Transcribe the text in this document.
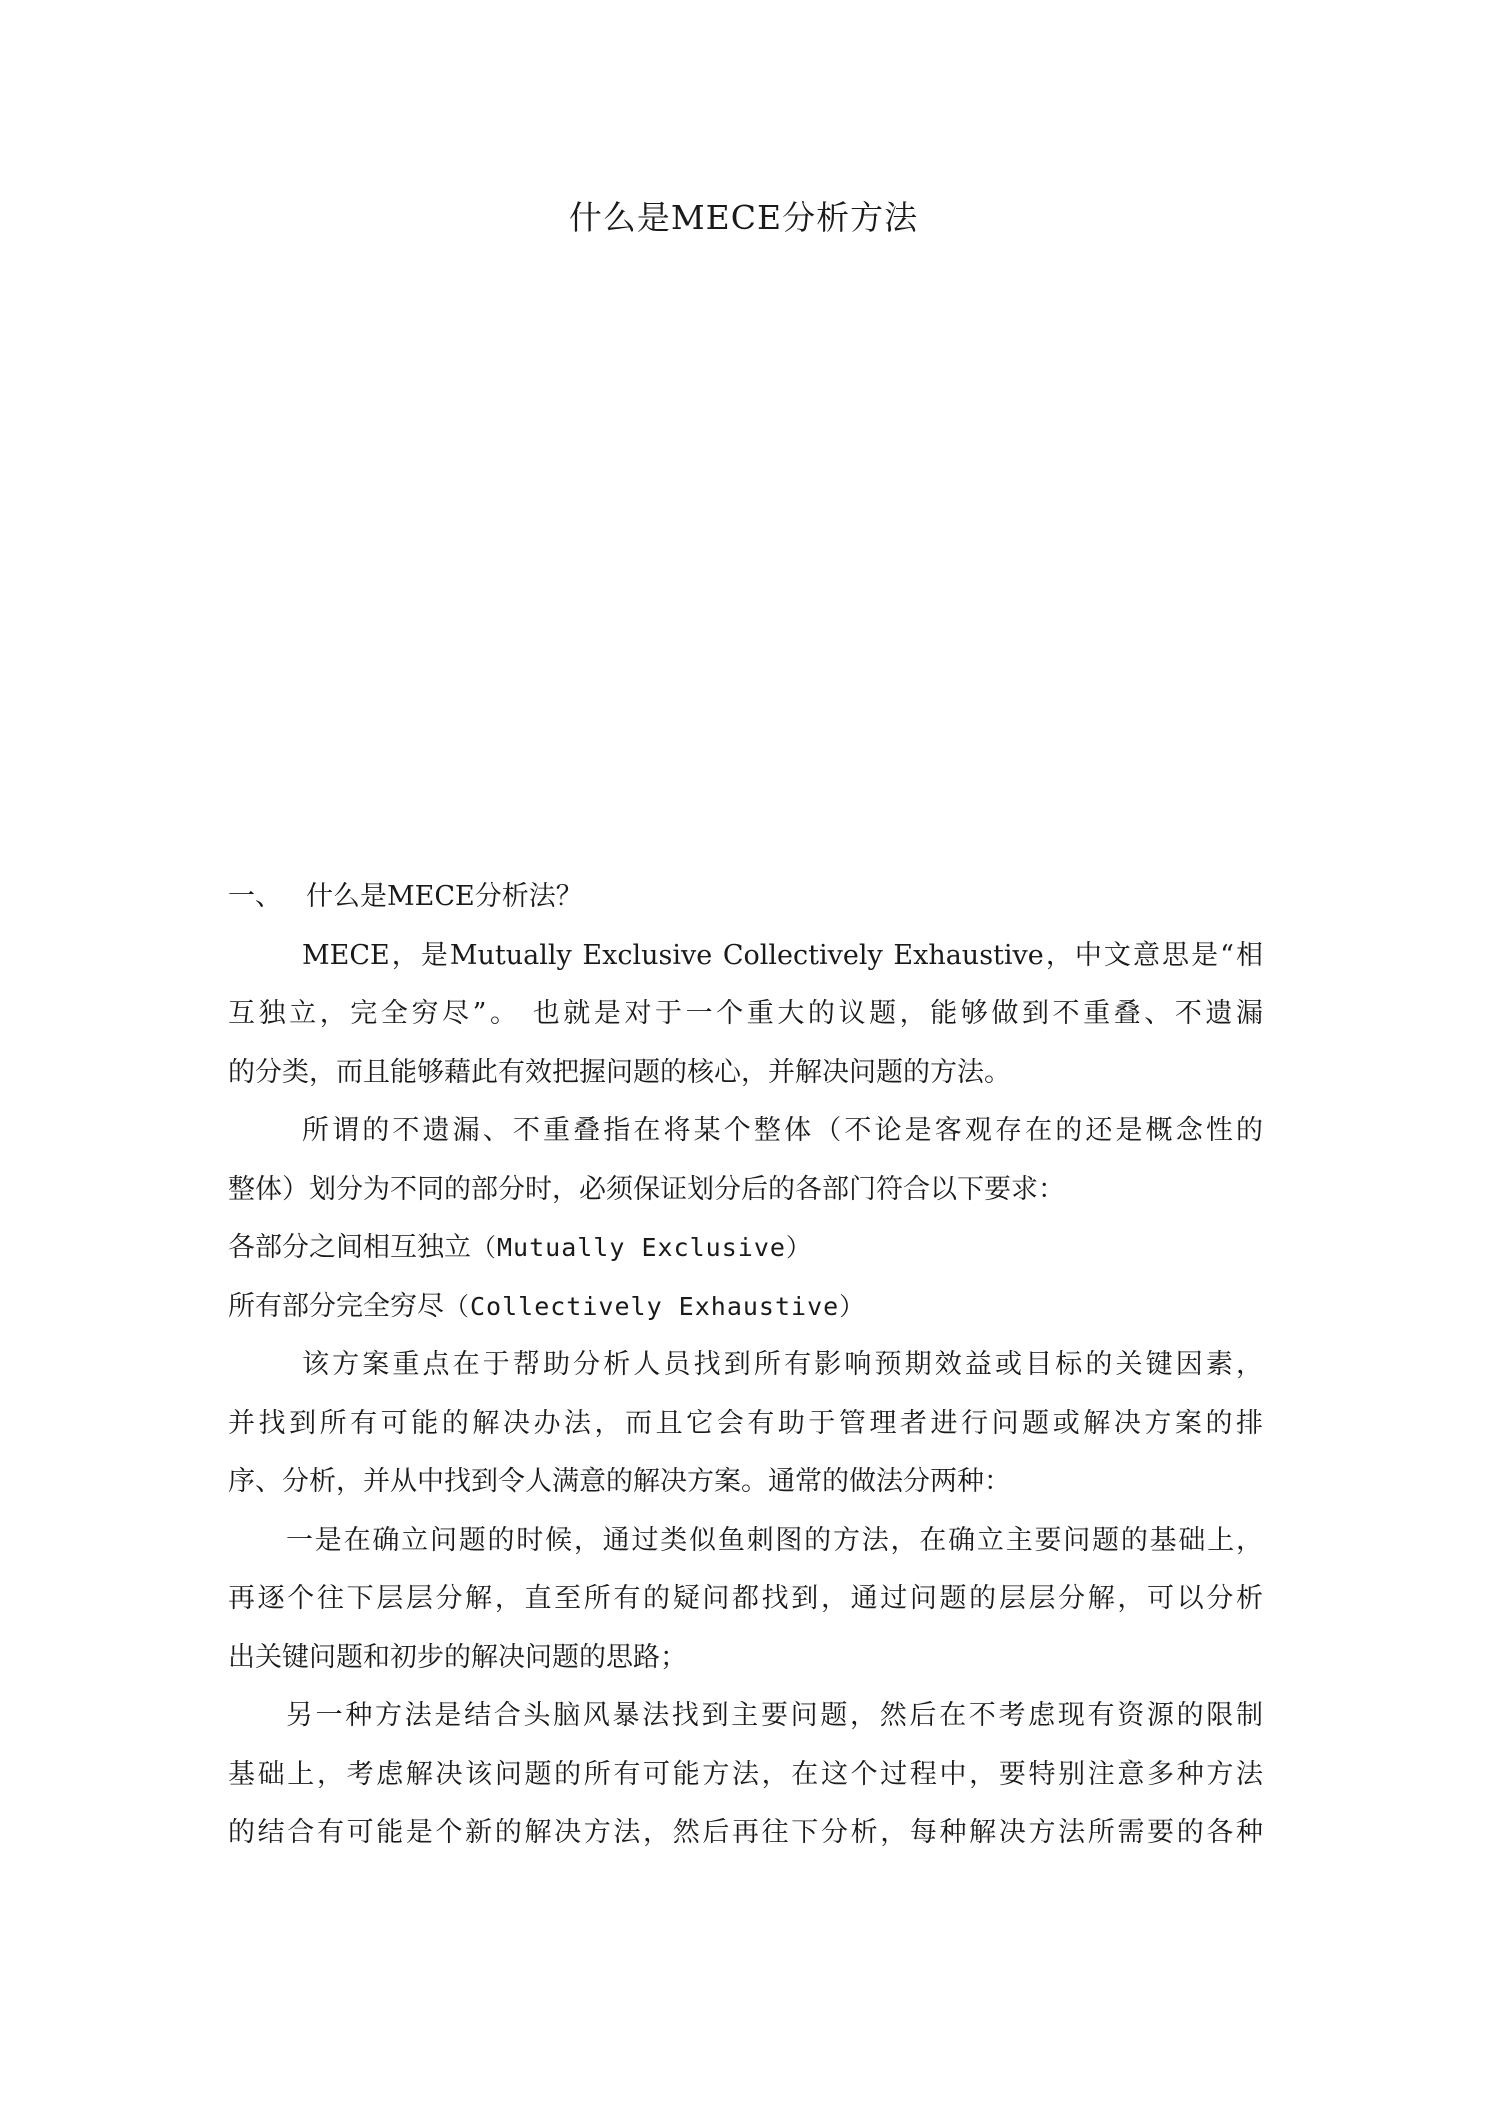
什么是MECE分析方法
一、 什么是MECE分析法？
MECE，是Mutually Exclusive Collectively Exhaustive，中文意思是“相
互独立，完全穷尽”。 也就是对于一个重大的议题，能够做到不重叠、不遗漏
的分类，而且能够藉此有效把握问题的核心，并解决问题的方法。
所谓的不遗漏、不重叠指在将某个整体（不论是客观存在的还是概念性的
整体）划分为不同的部分时，必须保证划分后的各部门符合以下要求：
各部分之间相互独立（Mutually Exclusive）
所有部分完全穷尽（Collectively Exhaustive）
该方案重点在于帮助分析人员找到所有影响预期效益或目标的关键因素，
并找到所有可能的解决办法，而且它会有助于管理者进行问题或解决方案的排
序、分析，并从中找到令人满意的解决方案。通常的做法分两种：
一是在确立问题的时候，通过类似鱼刺图的方法，在确立主要问题的基础上，
再逐个往下层层分解，直至所有的疑问都找到，通过问题的层层分解，可以分析
出关键问题和初步的解决问题的思路；
另一种方法是结合头脑风暴法找到主要问题，然后在不考虑现有资源的限制
基础上，考虑解决该问题的所有可能方法，在这个过程中，要特别注意多种方法
的结合有可能是个新的解决方法，然后再往下分析，每种解决方法所需要的各种
